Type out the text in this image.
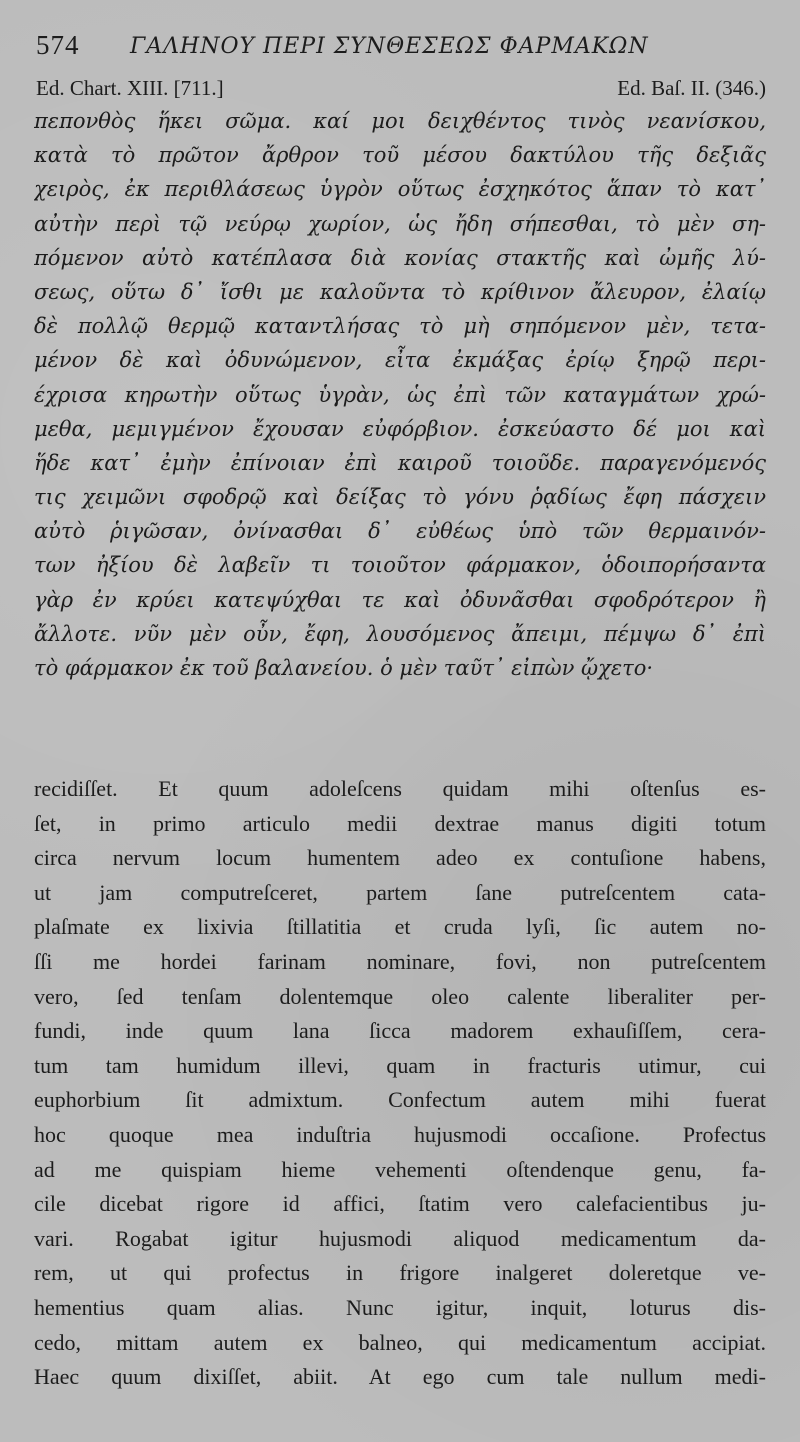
574 ΓΑΛΗΝΟΥ ΠΕΡΙ ΣΥΝΘΕΣΕΩΣ ΦΑΡΜΑΚΩΝ
Ed. Chart. XIII. [711.]	Ed. Baſ. II. (346.)
πεπονθὸς ἥκει σῶμα. καί μοι δειχθέντος τινὸς νεανίσκου,
κατὰ τὸ πρῶτον ἄρθρον τοῦ μέσου δακτύλου τῆς δεξιᾶς
χειρὸς, ἐκ περιθλάσεως ὑγρὸν οὕτως ἐσχηκότος ἅπαν τὸ κατ᾽
αὐτὴν περὶ τῷ νεύρῳ χωρίον, ὡς ἤδη σήπεσθαι, τὸ μὲν ση-
πόμενον αὐτὸ κατέπλασα διὰ κονίας στακτῆς καὶ ὠμῆς λύ-
σεως, οὕτω δ᾽ ἴσθι με καλοῦντα τὸ κρίθινον ἄλευρον, ἐλαίῳ
δὲ πολλῷ θερμῷ καταντλήσας τὸ μὴ σηπόμενον μὲν, τετα-
μένον δὲ καὶ ὀδυνώμενον, εἶτα ἐκμάξας ἐρίῳ ξηρῷ περι-
έχρισα κηρωτὴν οὕτως ὑγρὰν, ὡς ἐπὶ τῶν καταγμάτων χρώ-
μεθα, μεμιγμένον ἔχουσαν εὐφόρβιον. ἐσκεύαστο δέ μοι καὶ
ἥδε κατ᾽ ἐμὴν ἐπίνοιαν ἐπὶ καιροῦ τοιοῦδε. παραγενόμενός
τις χειμῶνι σφοδρῷ καὶ δείξας τὸ γόνυ ῥᾳδίως ἔφη πάσχειν
αὐτὸ ῥιγῶσαν, ὀνίνασθαι δ᾽ εὐθέως ὑπὸ τῶν θερμαινόν-
των ἠξίου δὲ λαβεῖν τι τοιοῦτον φάρμακον, ὁδοιπορήσαντα
γὰρ ἐν κρύει κατεψύχθαι τε καὶ ὀδυνᾶσθαι σφοδρότερον ἢ
ἄλλοτε. νῦν μὲν οὖν, ἔφη, λουσόμενος ἄπειμι, πέμψω δ᾽ ἐπὶ
τὸ φάρμακον ἐκ τοῦ βαλανείου. ὁ μὲν ταῦτ᾽ εἰπὼν ᾤχετο·
recidiſſet. Et quum adoleſcens quidam mihi oſtenſus es-
ſet, in primo articulo medii dextrae manus digiti totum
circa nervum locum humentem adeo ex contuſione habens,
ut jam computreſceret, partem ſane putreſcentem cata-
plaſmate ex lixivia ſtillatitia et cruda lyſi, ſic autem no-
ſſi me hordei farinam nominare, fovi, non putreſcentem
vero, ſed tenſam dolentemque oleo calente liberaliter per-
fundi, inde quum lana ſicca madorem exhauſiſſem, cera-
tum tam humidum illevi, quam in fracturis utimur, cui
euphorbium ſit admixtum. Confectum autem mihi fuerat
hoc quoque mea induſtria hujusmodi occaſione. Profectus
ad me quispiam hieme vehementi oſtendenque genu, fa-
cile dicebat rigore id affici, ſtatim vero calefacientibus ju-
vari. Rogabat igitur hujusmodi aliquod medicamentum da-
rem, ut qui profectus in frigore inalgeret doleretque ve-
hementius quam alias. Nunc igitur, inquit, loturus dis-
cedo, mittam autem ex balneo, qui medicamentum accipiat.
Haec quum dixiſſet, abiit. At ego cum tale nullum medi-
